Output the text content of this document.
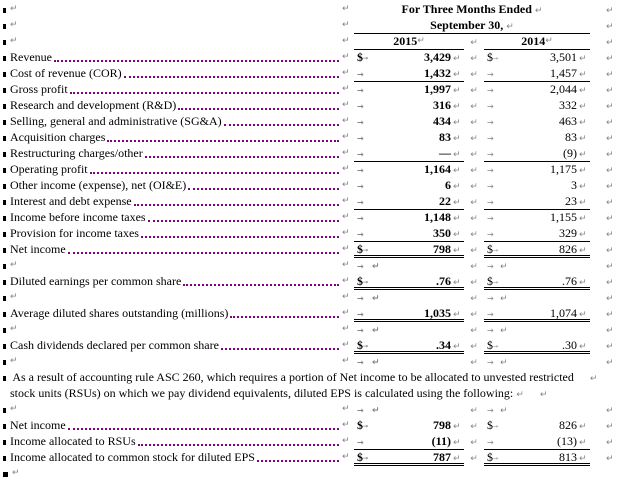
↵	↵	For Three Months Ended ↵	↵
↵	↵	September 30, ↵	↵
↵	↵	2015 ↵	↵	2014 ↵	↵
Revenue	↵ $→	3,429 ↵	↵ $→	3,501 ↵	↵
Cost of revenue (COR)	↵ →	1,432 ↵	↵	→	1,457 ↵	↵
Gross profit	↵ →	1,997 ↵	↵	→	2,044 ↵	↵
Research and development (R&D)	↵ →	316 ↵	↵	→	332 ↵	↵
Selling, general and administrative (SG&A)	↵ →	434 ↵	↵	→	463 ↵	↵
Acquisition charges	↵ →	83 ↵	↵	→	83 ↵	↵
Restructuring charges/other	↵ →	— ↵	↵	→	(9) ↵	↵
Operating profit	↵ →	1,164 ↵	↵	→	1,175 ↵	↵
Other income (expense), net (OI&E)	↵ →	6 ↵	↵	→	3 ↵	↵
Interest and debt expense	↵ →	22 ↵	↵	→	23 ↵	↵
Income before income taxes	↵ →	1,148 ↵	↵	→	1,155 ↵	↵
Provision for income taxes	↵ →	350 ↵	↵	→	329 ↵	↵
Net income	↵ $→	798 ↵	↵ $→	826 ↵	↵
↵	↵ → ↵	↵	→ ↵	↵
Diluted earnings per common share	↵ $→	.76 ↵	↵ $→	.76 ↵	↵
↵	↵ → ↵	↵	→ ↵	↵
Average diluted shares outstanding (millions)	↵ →	1,035 ↵	↵	→	1,074 ↵	↵
↵	↵ → ↵	↵	→ ↵	↵
Cash dividends declared per common share	↵ $→	.34 ↵	↵ $→	.30 ↵	↵
↵	↵ → ↵	↵	→ ↵	↵
As a result of accounting rule ASC 260, which requires a portion of Net income to be allocated to unvested restricted	↵
stock units (RSUs) on which we pay dividend equivalents, diluted EPS is calculated using the following: ↵	↵
↵	↵ → ↵	↵	→ ↵	↵
Net income	↵ $→	798 ↵	↵ $→	826 ↵	↵
Income allocated to RSUs	↵ →	(11) ↵	↵	→	(13) ↵	↵
Income allocated to common stock for diluted EPS	↵ $→	787 ↵	↵ $→	813 ↵	↵
↵
